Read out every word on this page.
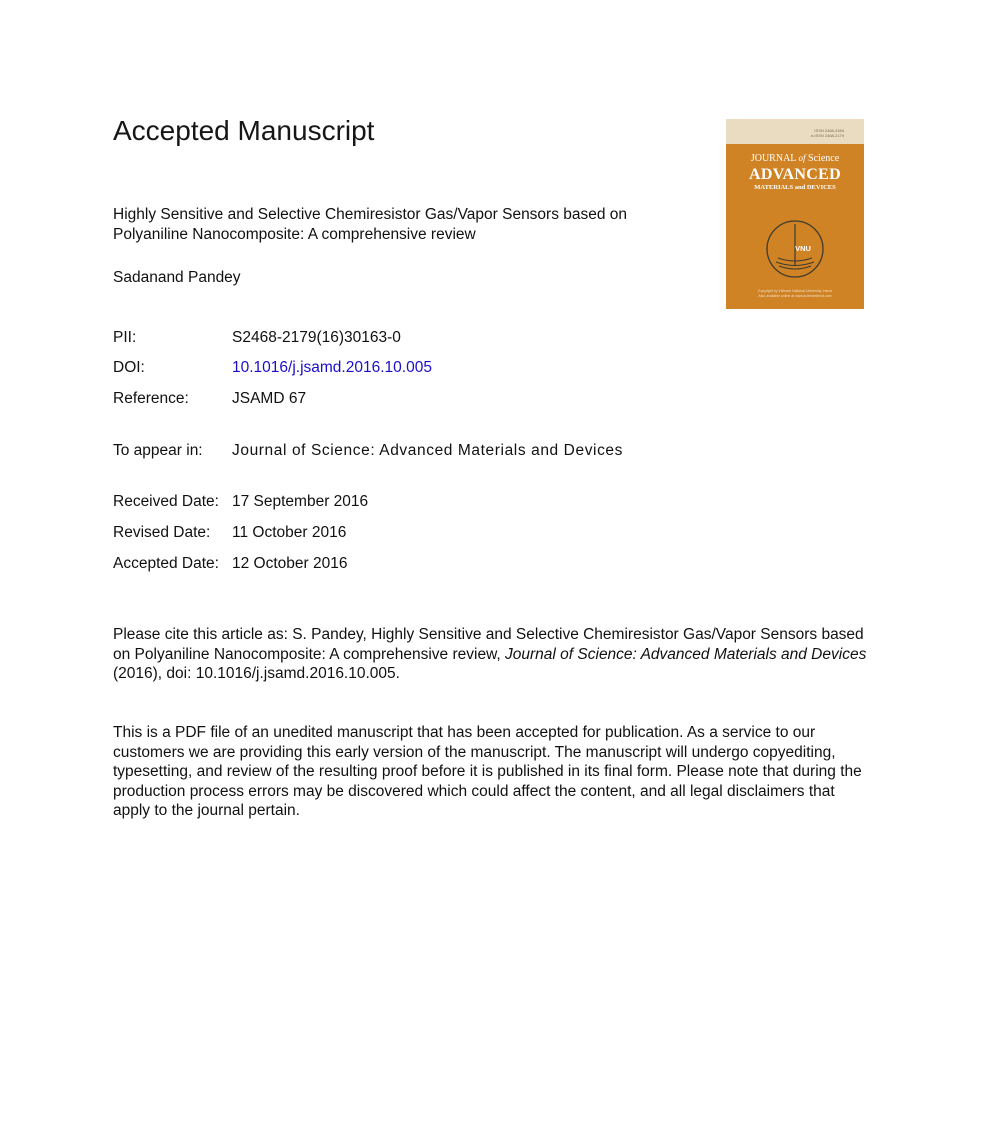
Accepted Manuscript
Highly Sensitive and Selective Chemiresistor Gas/Vapor Sensors based on Polyaniline Nanocomposite: A comprehensive review
Sadanand Pandey
PII:	S2468-2179(16)30163-0
DOI:	10.1016/j.jsamd.2016.10.005
Reference:	JSAMD 67
To appear in:	Journal of Science: Advanced Materials and Devices
Received Date: 17 September 2016
Revised Date:	11 October 2016
Accepted Date: 12 October 2016
Please cite this article as: S. Pandey, Highly Sensitive and Selective Chemiresistor Gas/Vapor Sensors based on Polyaniline Nanocomposite: A comprehensive review, Journal of Science: Advanced Materials and Devices (2016), doi: 10.1016/j.jsamd.2016.10.005.
This is a PDF file of an unedited manuscript that has been accepted for publication. As a service to our customers we are providing this early version of the manuscript. The manuscript will undergo copyediting, typesetting, and review of the resulting proof before it is published in its final form. Please note that during the production process errors may be discovered which could affect the content, and all legal disclaimers that apply to the journal pertain.
ISSN 2468-2284
e-ISSN 2468-2179
JOURNAL of Science
ADVANCED
MATERIALS and DEVICES
VNU
Copyright by Vietnam National University, Hanoi
Also available online at www.sciencedirect.com
